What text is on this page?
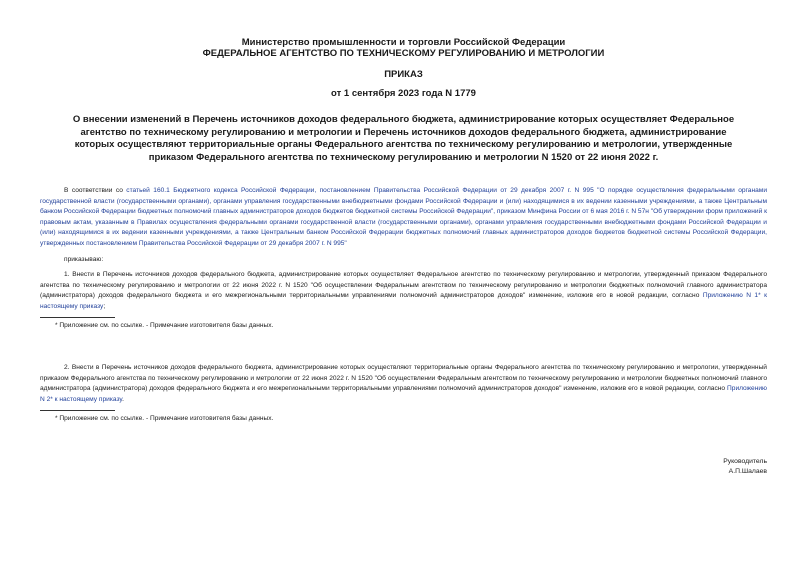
Министерство промышленности и торговли Российской Федерации
ФЕДЕРАЛЬНОЕ АГЕНТСТВО ПО ТЕХНИЧЕСКОМУ РЕГУЛИРОВАНИЮ И МЕТРОЛОГИИ
ПРИКАЗ
от 1 сентября 2023 года N 1779
О внесении изменений в Перечень источников доходов федерального бюджета, администрирование которых осуществляет Федеральное агентство по техническому регулированию и метрологии и Перечень источников доходов федерального бюджета, администрирование которых осуществляют территориальные органы Федерального агентства по техническому регулированию и метрологии, утвержденные приказом Федерального агентства по техническому регулированию и метрологии N 1520 от 22 июня 2022 г.

В соответствии со статьей 160.1 Бюджетного кодекса Российской Федерации, постановлением Правительства Российской Федерации от 29 декабря 2007 г. N 995 "О порядке осуществления федеральными органами государственной власти (государственными органами), органами управления государственными внебюджетными фондами Российской Федерации и (или) находящимися в их ведении казенными учреждениями, а также Центральным банком Российской Федерации бюджетных полномочий главных администраторов доходов бюджетов бюджетной системы Российской Федерации", приказом Минфина России от 6 мая 2016 г. N 57н "Об утверждении форм приложений к правовым актам, указанным в Правилах осуществления федеральными органами государственной власти (государственными органами), органами управления государственными внебюджетными фондами Российской Федерации и (или) находящимися в их ведении казенными учреждениями, а также Центральным банком Российской Федерации бюджетных полномочий главных администраторов доходов бюджетов бюджетной системы Российской Федерации, утвержденных постановлением Правительства Российской Федерации от 29 декабря 2007 г. N 995"

приказываю:

1. Внести в Перечень источников доходов федерального бюджета, администрирование которых осуществляет Федеральное агентство по техническому регулированию и метрологии, утвержденный приказом Федерального агентства по техническому регулированию и метрологии от 22 июня 2022 г. N 1520 "Об осуществлении Федеральным агентством по техническому регулированию и метрологии бюджетных полномочий главного администратора (администратора) доходов федерального бюджета и его межрегиональными территориальными управлениями полномочий администраторов доходов" изменение, изложив его в новой редакции, согласно Приложению N 1* к настоящему приказу;

* Приложение см. по ссылке. - Примечание изготовителя базы данных.

2. Внести в Перечень источников доходов федерального бюджета, администрирование которых осуществляют территориальные органы Федерального агентства по техническому регулированию и метрологии, утвержденный приказом Федерального агентства по техническому регулированию и метрологии от 22 июня 2022 г. N 1520 "Об осуществлении Федеральным агентством по техническому регулированию и метрологии бюджетных полномочий главного администратора (администратора) доходов федерального бюджета и его межрегиональными территориальными управлениями полномочий администраторов доходов" изменение, изложив его в новой редакции, согласно Приложению N 2* к настоящему приказу.

* Приложение см. по ссылке. - Примечание изготовителя базы данных.
Руководитель
А.П.Шалаев
